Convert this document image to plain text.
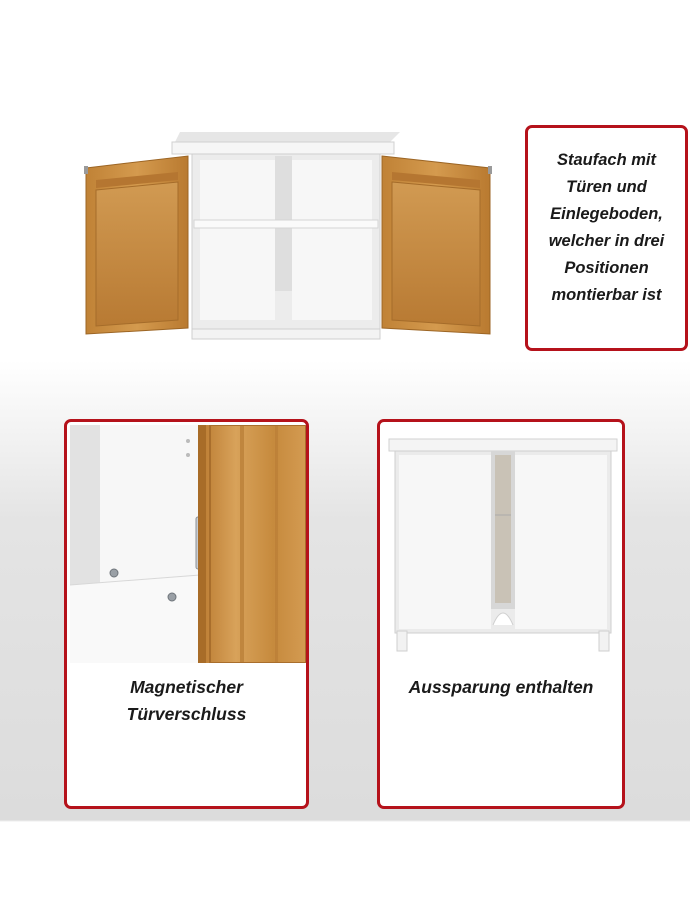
Staufach mit
Türen und
Einlegeboden,
welcher in drei
Positionen
montierbar ist
Magnetischer
Türverschluss
Aussparung enthalten
